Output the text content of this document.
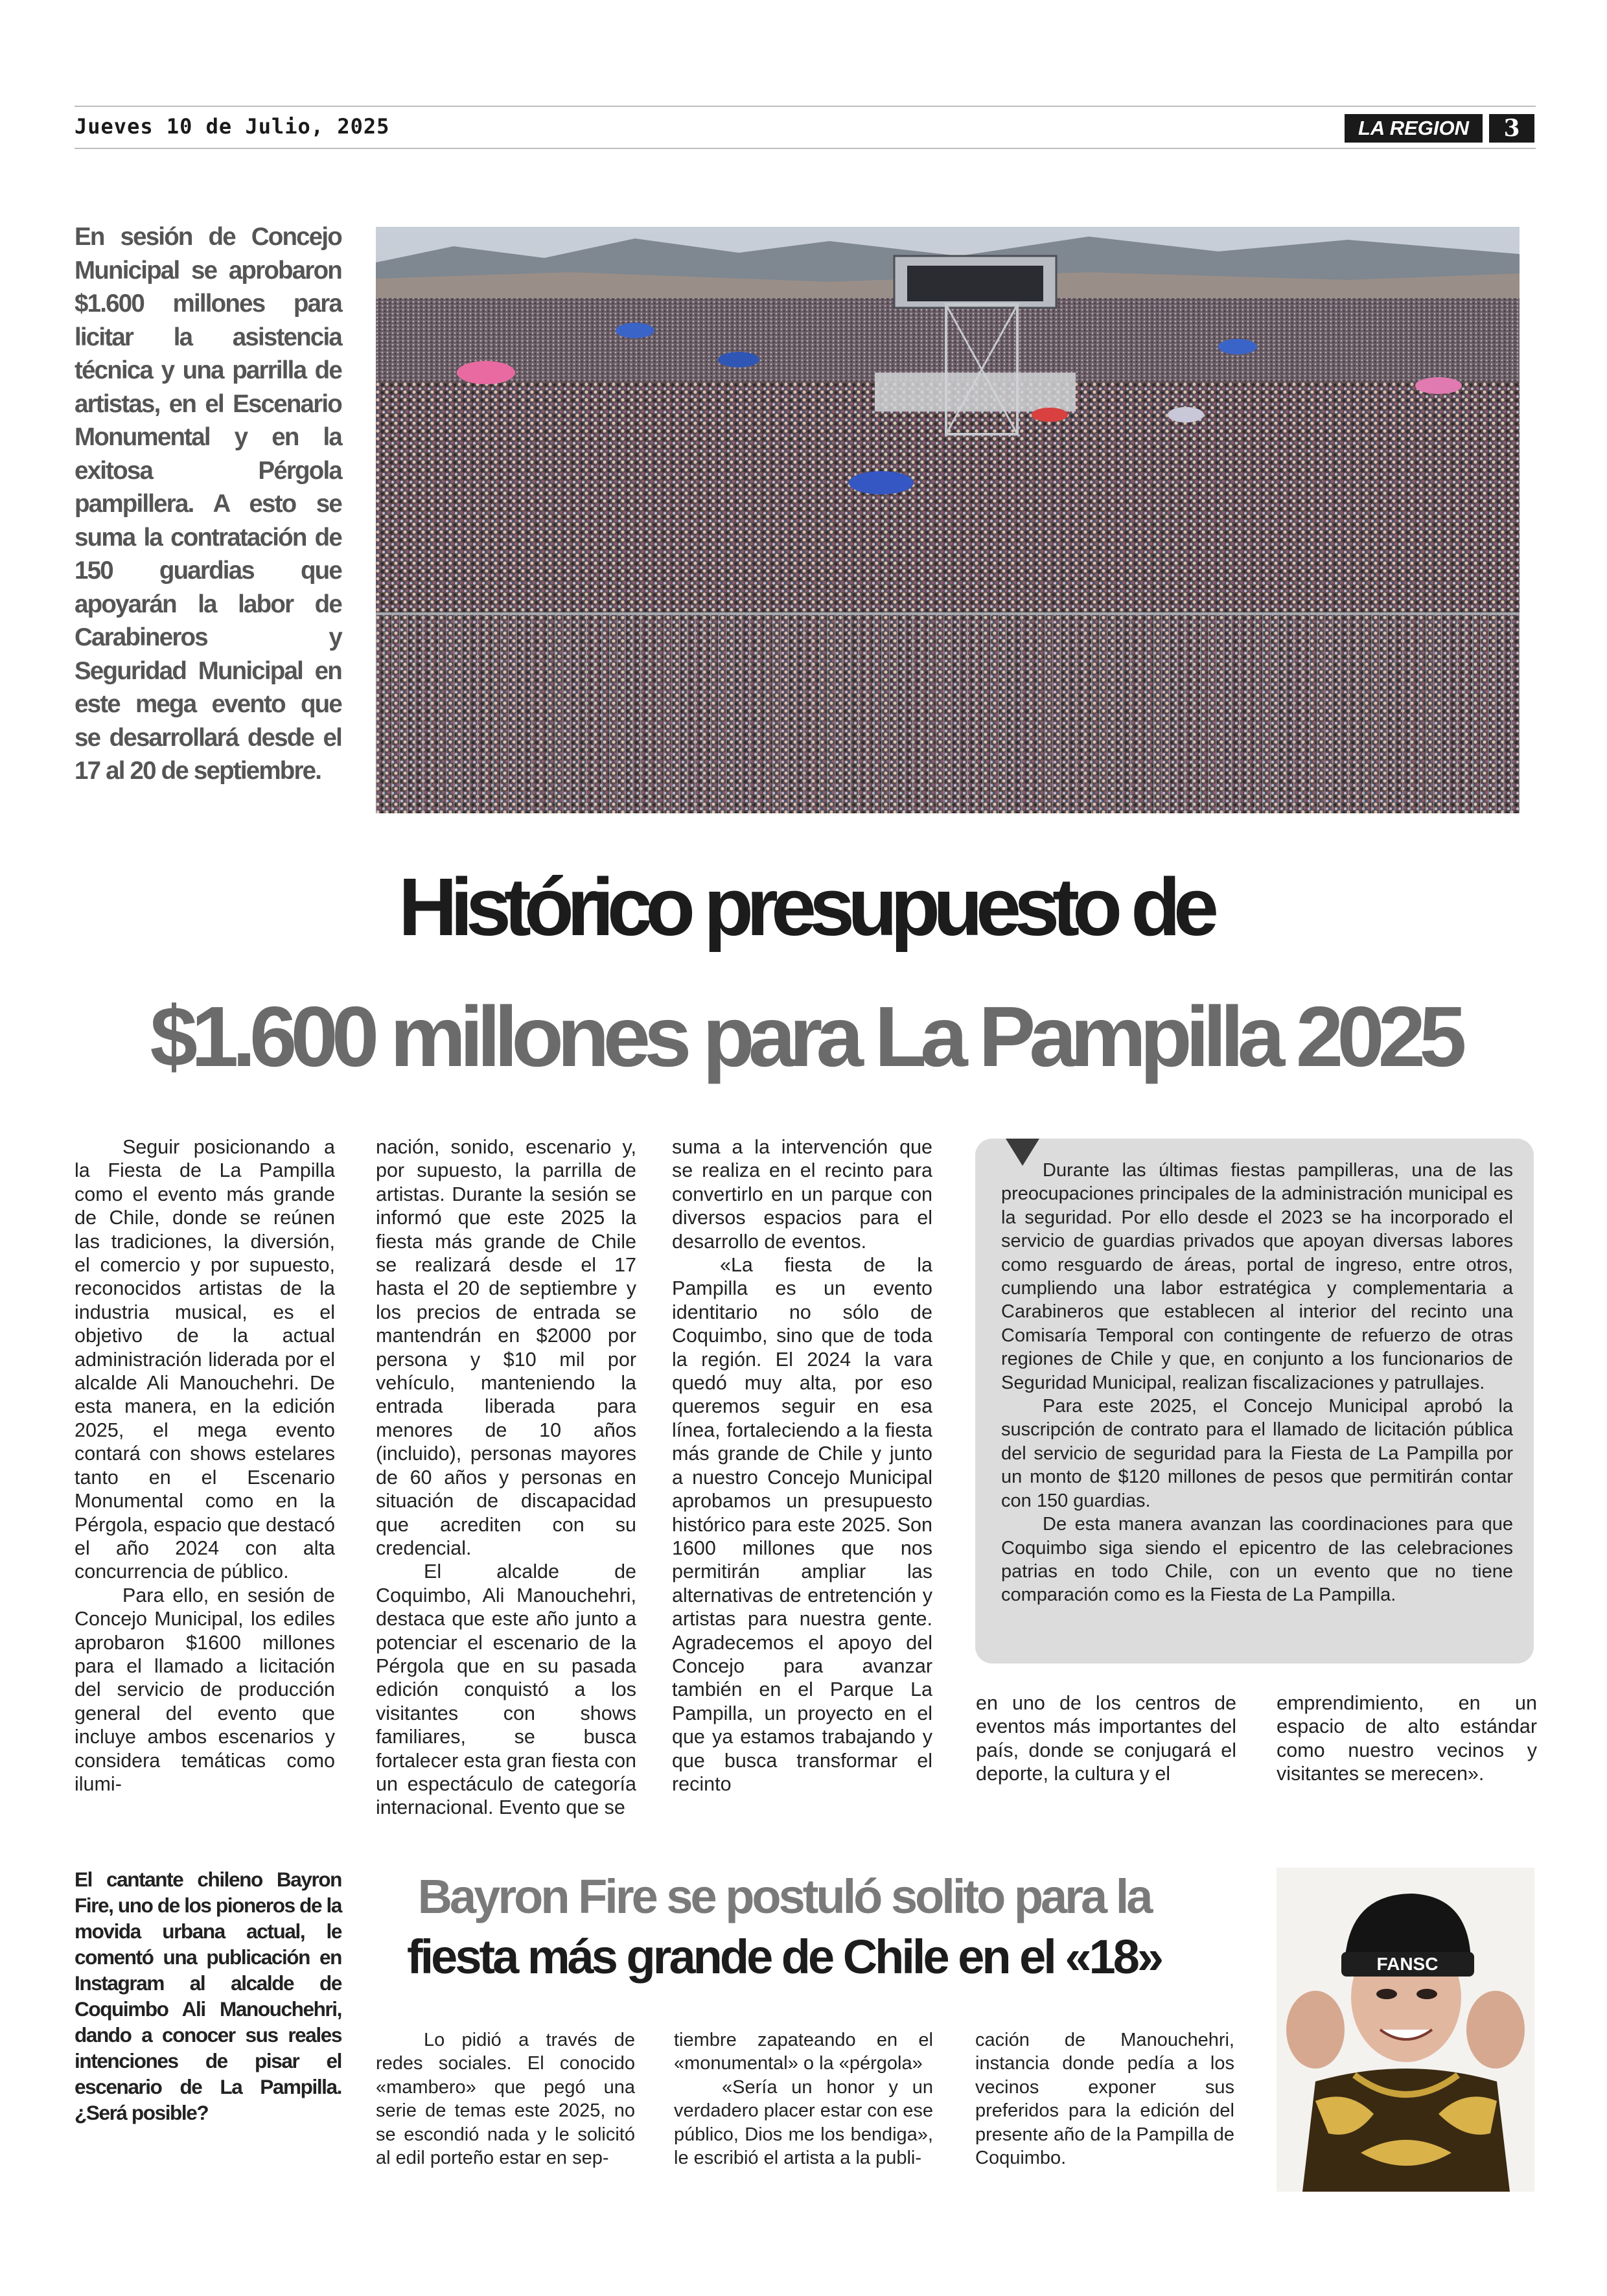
Jueves 10 de Julio, 2025	LA REGION	3
En sesión de Concejo Municipal se aprobaron $1.600 millones para licitar la asistencia técnica y una parrilla de artistas, en el Escenario Monumental y en la exitosa Pérgola pampillera. A esto se suma la contratación de 150 guardias que apoyarán la labor de Carabineros y Seguridad Municipal en este mega evento que se desarrollará desde el 17 al 20 de septiembre.
Histórico presupuesto de
$1.600 millones para La Pampilla 2025

Seguir posicionando a la Fiesta de La Pampilla como el evento más grande de Chile, donde se reúnen las tradiciones, la diversión, el comercio y por supuesto, reconocidos artistas de la industria musical, es el objetivo de la actual administración liderada por el alcalde Ali Manouchehri. De esta manera, en la edición 2025, el mega evento contará con shows estelares tanto en el Escenario Monumental como en la Pérgola, espacio que destacó el año 2024 con alta concurrencia de público.

Para ello, en sesión de Concejo Municipal, los ediles aprobaron $1600 millones para el llamado a licitación del servicio de producción general del evento que incluye ambos escenarios y considera temáticas como ilumi-

nación, sonido, escenario y, por supuesto, la parrilla de artistas. Durante la sesión se informó que este 2025 la fiesta más grande de Chile se realizará desde el 17 hasta el 20 de septiembre y los precios de entrada se mantendrán en $2000 por persona y $10 mil por vehículo, manteniendo la entrada liberada para menores de 10 años (incluido), personas mayores de 60 años y personas en situación de discapacidad que acrediten con su credencial.

El alcalde de Coquimbo, Ali Manouchehri, destaca que este año junto a potenciar el escenario de la Pérgola que en su pasada edición conquistó a los visitantes con shows familiares, se busca fortalecer esta gran fiesta con un espectáculo de categoría internacional. Evento que se

suma a la intervención que se realiza en el recinto para convertirlo en un parque con diversos espacios para el desarrollo de eventos.

«La fiesta de la Pampilla es un evento identitario no sólo de Coquimbo, sino que de toda la región. El 2024 la vara quedó muy alta, por eso queremos seguir en esa línea, fortaleciendo a la fiesta más grande de Chile y junto a nuestro Concejo Municipal aprobamos un presupuesto histórico para este 2025. Son 1600 millones que nos permitirán ampliar las alternativas de entretención y artistas para nuestra gente. Agradecemos el apoyo del Concejo para avanzar también en el Parque La Pampilla, un proyecto en el que ya estamos trabajando y que busca transformar el recinto

Durante las últimas fiestas pampilleras, una de las preocupaciones principales de la administración municipal es la seguridad. Por ello desde el 2023 se ha incorporado el servicio de guardias privados que apoyan diversas labores como resguardo de áreas, portal de ingreso, entre otros, cumpliendo una labor estratégica y complementaria a Carabineros que establecen al interior del recinto una Comisaría Temporal con contingente de refuerzo de otras regiones de Chile y que, en conjunto a los funcionarios de Seguridad Municipal, realizan fiscalizaciones y patrullajes.

Para este 2025, el Concejo Municipal aprobó la suscripción de contrato para el llamado de licitación pública del servicio de seguridad para la Fiesta de La Pampilla por un monto de $120 millones de pesos que permitirán contar con 150 guardias.

De esta manera avanzan las coordinaciones para que Coquimbo siga siendo el epicentro de las celebraciones patrias en todo Chile, con un evento que no tiene comparación como es la Fiesta de La Pampilla.

en uno de los centros de eventos más importantes del país, donde se conjugará el deporte, la cultura y el

emprendimiento, en un espacio de alto estándar como nuestro vecinos y visitantes se merecen».

El cantante chileno Bayron Fire, uno de los pioneros de la movida urbana actual, le comentó una publicación en Instagram al alcalde de Coquimbo Ali Manouchehri, dando a conocer sus reales intenciones de pisar el escenario de La Pampilla. ¿Será posible?
Bayron Fire se postuló solito para la
fiesta más grande de Chile en el «18»

Lo pidió a través de redes sociales. El conocido «mambero» que pegó una serie de temas este 2025, no se escondió nada y le solicitó al edil porteño estar en sep-

tiembre zapateando en el «monumental» o la «pérgola»

«Sería un honor y un verdadero placer estar con ese público, Dios me los bendiga», le escribió el artista a la publi-

cación de Manouchehri, instancia donde pedía a los vecinos exponer sus preferidos para la edición del presente año de la Pampilla de Coquimbo.

FANSC
